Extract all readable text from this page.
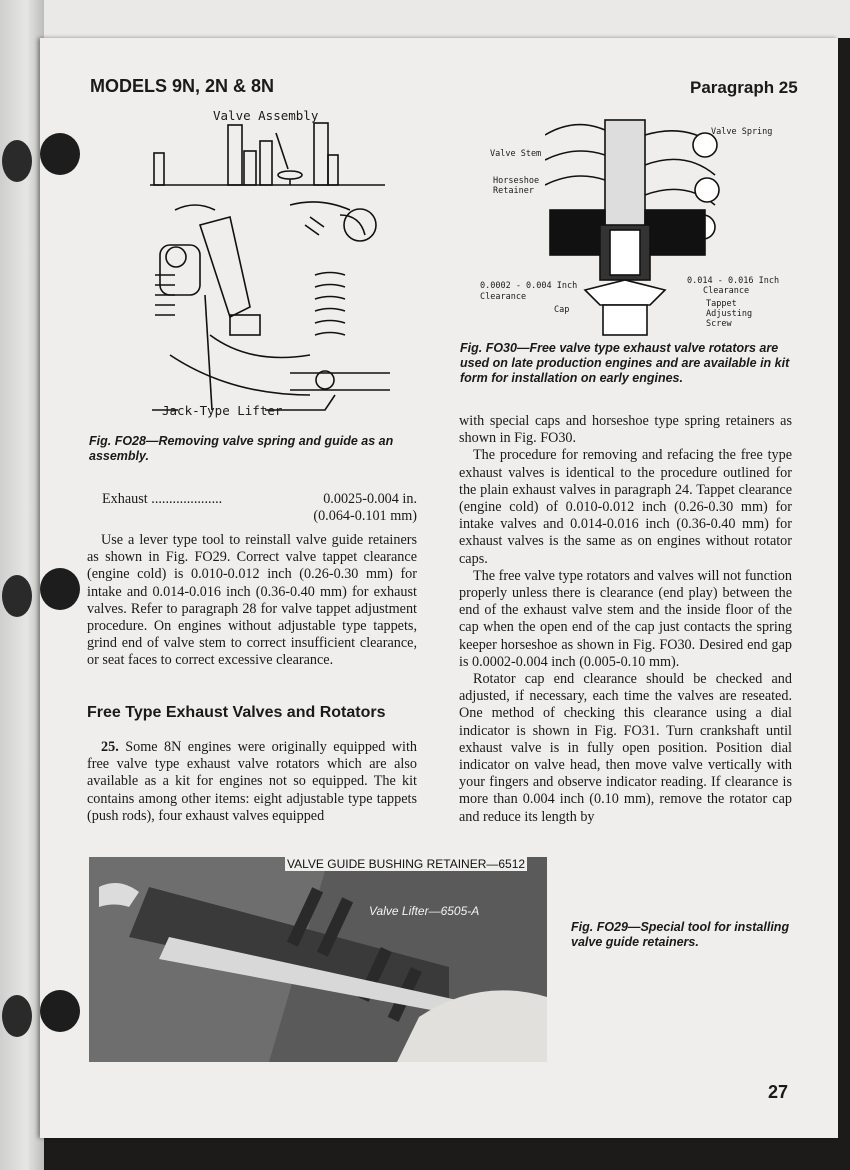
MODELS 9N, 2N & 8N	Paragraph 25
Valve Assembly
Jack-Type Lifter
Fig. FO28—Removing valve spring and guide as an assembly.
Valve Spring
Valve Stem
Horseshoe
Retainer
0.0002 - 0.004 Inch
Clearance
Cap
0.014 - 0.016 Inch
Clearance
Tappet
Adjusting
Screw
Fig. FO30—Free valve type exhaust valve rotators are used on late production engines and are available in kit form for installation on early engines.
Exhaust ....................	0.0025-0.004 in.
(0.064-0.101 mm)

Use a lever type tool to reinstall valve guide retainers as shown in Fig. FO29. Correct valve tappet clearance (engine cold) is 0.010-0.012 inch (0.26-0.30 mm) for intake and 0.014-0.016 inch (0.36-0.40 mm) for exhaust valves. Refer to paragraph 28 for valve tappet adjustment procedure. On engines without adjustable type tappets, grind end of valve stem to correct insufficient clearance, or seat faces to correct excessive clearance.

Free Type Exhaust Valves and Rotators

25. Some 8N engines were originally equipped with free valve type exhaust valve rotators which are also available as a kit for engines not so equipped. The kit contains among other items: eight adjustable type tappets (push rods), four exhaust valves equipped

with special caps and horseshoe type spring retainers as shown in Fig. FO30.

The procedure for removing and refacing the free type exhaust valves is identical to the procedure outlined for the plain exhaust valves in paragraph 24. Tappet clearance (engine cold) of 0.010-0.012 inch (0.26-0.30 mm) for intake valves and 0.014-0.016 inch (0.36-0.40 mm) for exhaust valves is the same as on engines without rotator caps.

The free valve type rotators and valves will not function properly unless there is clearance (end play) between the end of the exhaust valve stem and the inside floor of the cap when the open end of the cap just contacts the spring keeper horseshoe as shown in Fig. FO30. Desired end gap is 0.0002-0.004 inch (0.005-0.10 mm).

Rotator cap end clearance should be checked and adjusted, if necessary, each time the valves are reseated. One method of checking this clearance using a dial indicator is shown in Fig. FO31. Turn crankshaft until exhaust valve is in fully open position. Position dial indicator on valve head, then move valve vertically with your fingers and observe indicator reading. If clearance is more than 0.004 inch (0.10 mm), remove the rotator cap and reduce its length by

VALVE GUIDE BUSHING RETAINER—6512
Valve Lifter—6505-A
Fig. FO29—Special tool for installing valve guide retainers.
27
